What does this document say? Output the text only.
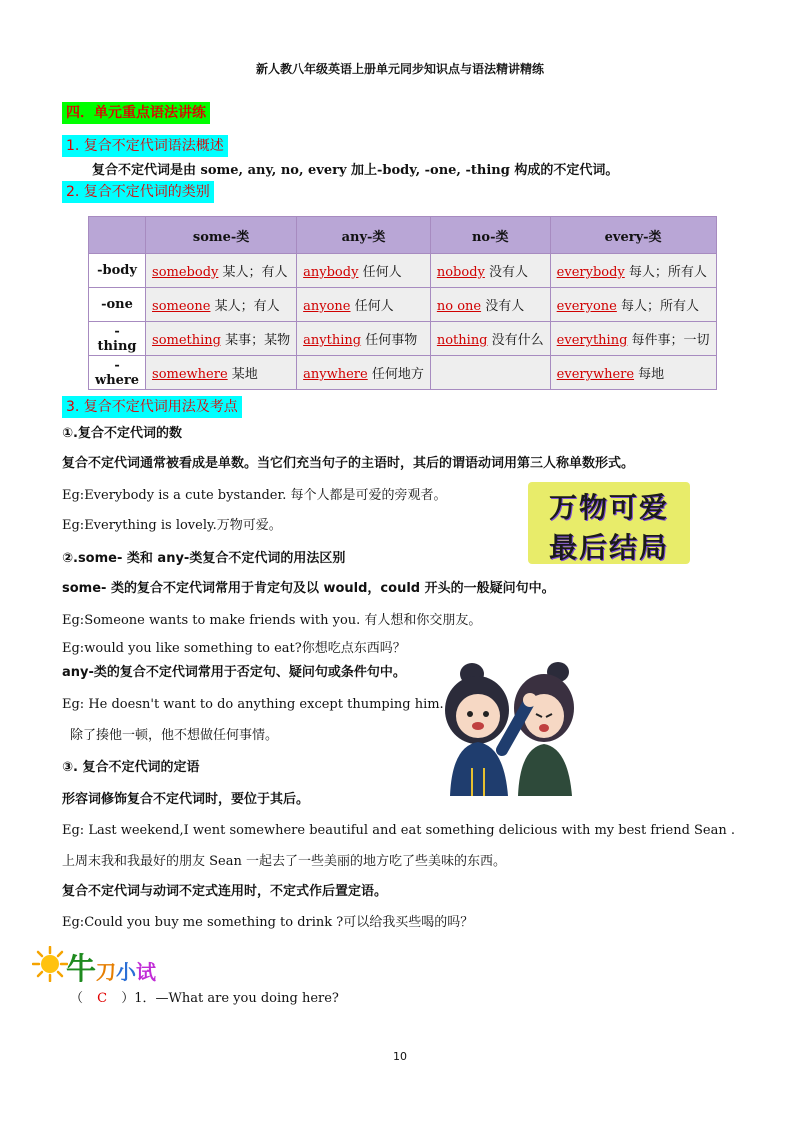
新人教八年级英语上册单元同步知识点与语法精讲精练
四．单元重点语法讲练
1. 复合不定代词语法概述
复合不定代词是由 some, any, no, every 加上-body, -one, -thing 构成的不定代词。
2. 复合不定代词的类别
	some-类	any-类	no-类	every-类
-body	somebody 某人；有人	anybody 任何人	nobody 没有人	everybody 每人；所有人
-one	someone 某人；有人	anyone 任何人	no one 没有人	everyone 每人；所有人
-thing	something 某事；某物	anything 任何事物	nothing 没有什么	everything 每件事；一切
-where	somewhere 某地	anywhere 任何地方		everywhere 每地
3. 复合不定代词用法及考点
①.复合不定代词的数
复合不定代词通常被看成是单数。当它们充当句子的主语时，其后的谓语动词用第三人称单数形式。
Eg:Everybody is a cute bystander. 每个人都是可爱的旁观者。
Eg:Everything is lovely.万物可爱。
万物可爱
最后结局
②.some- 类和 any-类复合不定代词的用法区别
some- 类的复合不定代词常用于肯定句及以 would，could 开头的一般疑问句中。
Eg:Someone wants to make friends with you. 有人想和你交朋友。
Eg:would you like something to eat?你想吃点东西吗？
any-类的复合不定代词常用于否定句、疑问句或条件句中。
Eg: He doesn't want to do anything except thumping him.
除了揍他一顿，他不想做任何事情。
③. 复合不定代词的定语
形容词修饰复合不定代词时，要位于其后。
Eg: Last weekend,I went somewhere beautiful and eat something delicious with my best friend Sean .
上周末我和我最好的朋友 Sean 一起去了一些美丽的地方吃了些美味的东西。
复合不定代词与动词不定式连用时，不定式作后置定语。
Eg:Could you buy me something to drink ?可以给我买些喝的吗？
牛刀小试
（ C ）1．—What are you doing here?
10
